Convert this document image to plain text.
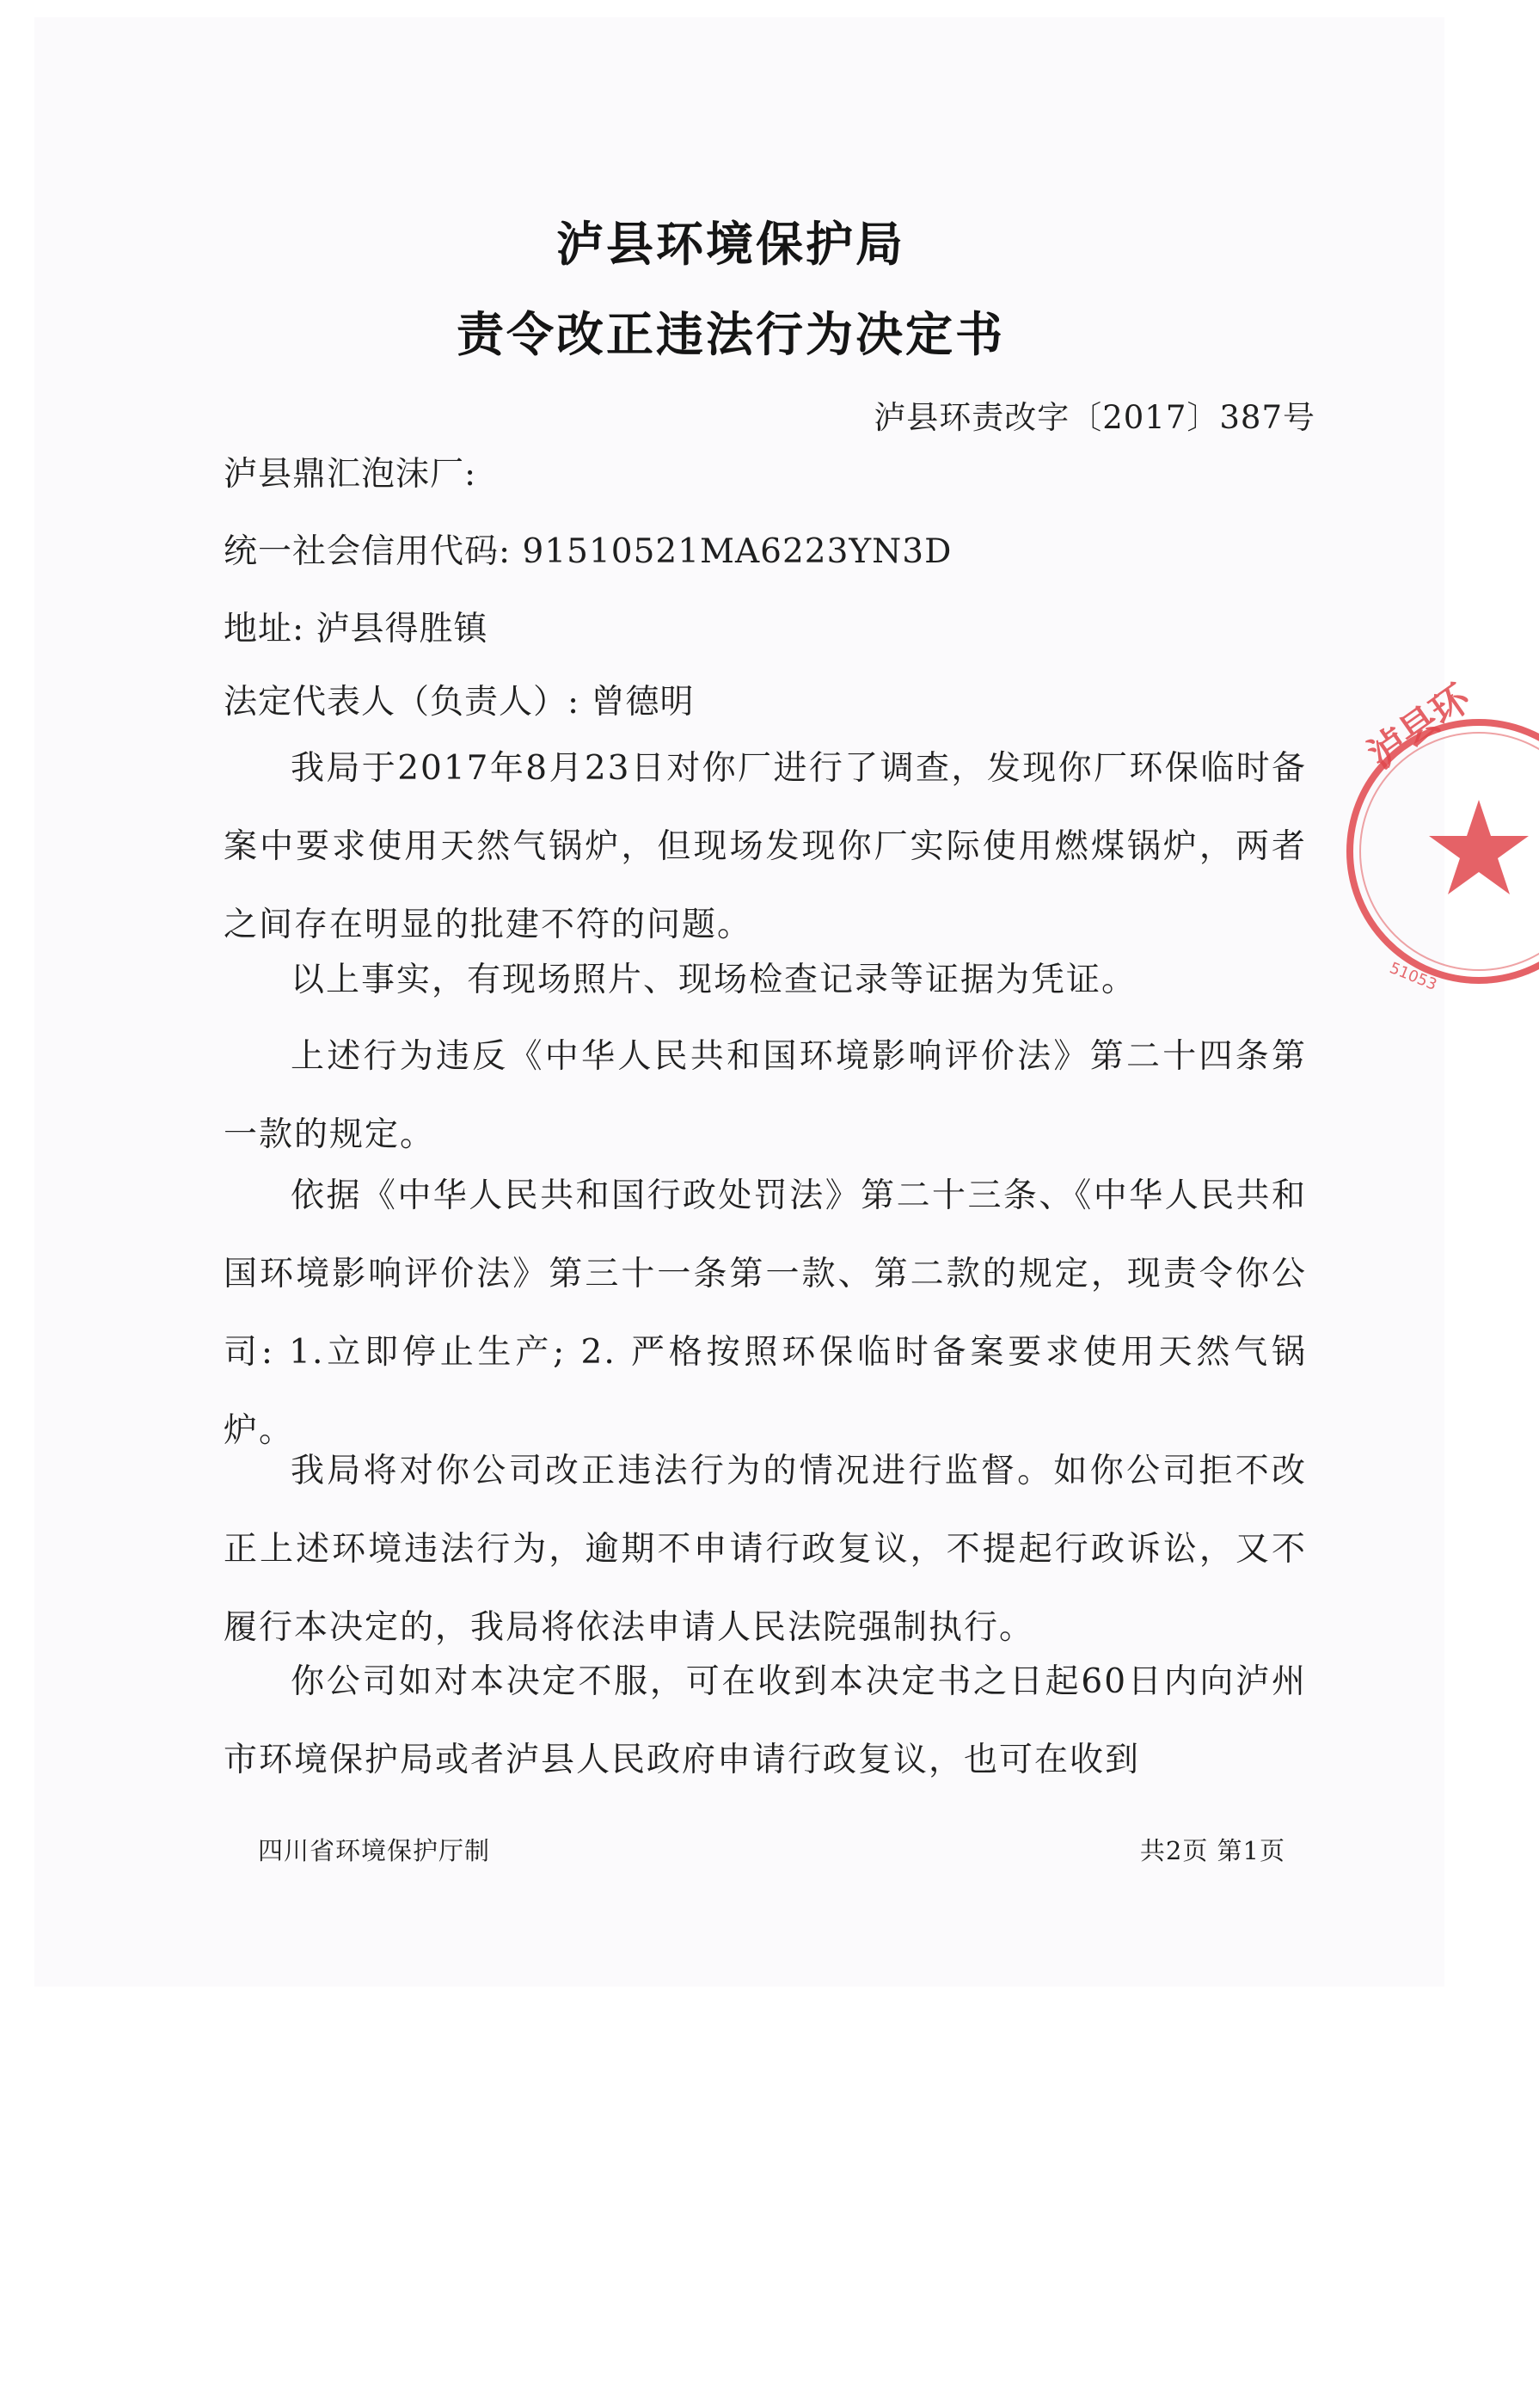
泸县环境保护局
责令改正违法行为决定书
泸县环责改字〔2017〕387号
泸县鼎汇泡沫厂:
统一社会信用代码: 91510521MA6223YN3D
地址: 泸县得胜镇
法定代表人（负责人）: 曾德明
我局于2017年8月23日对你厂进行了调查，发现你厂环保临时备案中要求使用天然气锅炉，但现场发现你厂实际使用燃煤锅炉，两者之间存在明显的批建不符的问题。
以上事实，有现场照片、现场检查记录等证据为凭证。
上述行为违反《中华人民共和国环境影响评价法》第二十四条第一款的规定。
依据《中华人民共和国行政处罚法》第二十三条、《中华人民共和国环境影响评价法》第三十一条第一款、第二款的规定，现责令你公司: 1.立即停止生产; 2. 严格按照环保临时备案要求使用天然气锅炉。
我局将对你公司改正违法行为的情况进行监督。如你公司拒不改正上述环境违法行为，逾期不申请行政复议，不提起行政诉讼，又不履行本决定的，我局将依法申请人民法院强制执行。
你公司如对本决定不服，可在收到本决定书之日起60日内向泸州市环境保护局或者泸县人民政府申请行政复议，也可在收到
四川省环境保护厅制	共2页 第1页
泸县环
51053
